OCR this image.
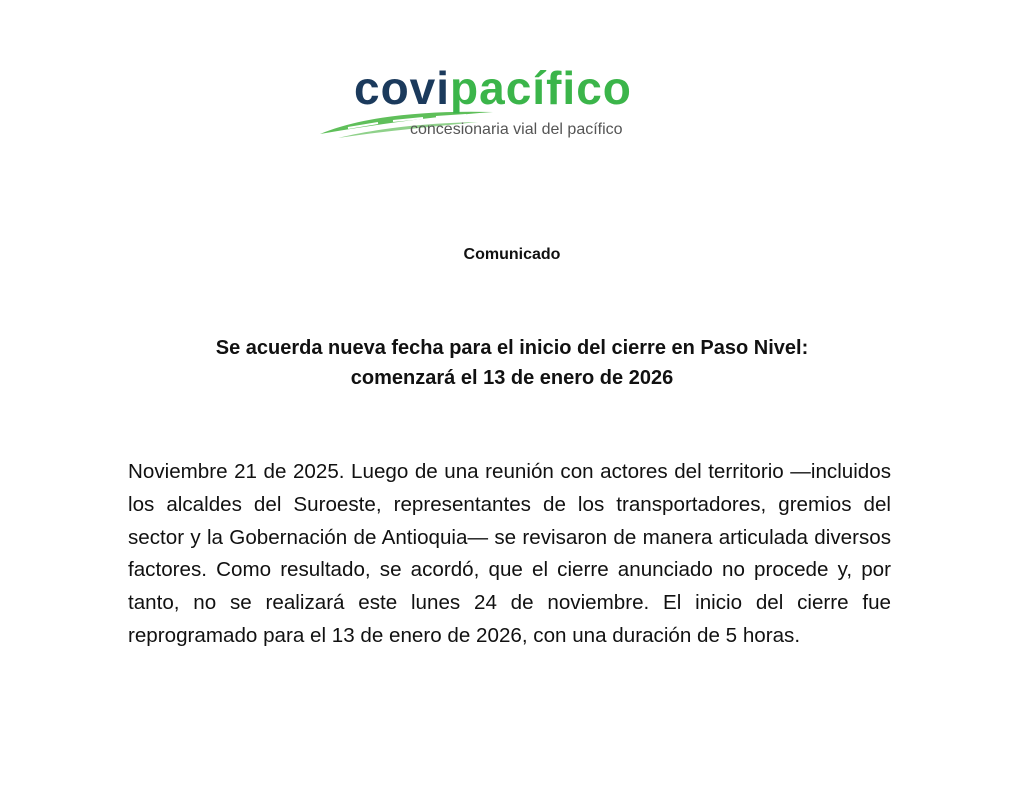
covipacífico
concesionaria vial del pacífico
Comunicado
Se acuerda nueva fecha para el inicio del cierre en Paso Nivel:
comenzará el 13 de enero de 2026

Noviembre 21 de 2025. Luego de una reunión con actores del territorio —incluidos los alcaldes del Suroeste, representantes de los transportadores, gremios del sector y la Gobernación de Antioquia— se revisaron de manera articulada diversos factores. Como resultado, se acordó, que el cierre anunciado no procede y, por tanto, no se realizará este lunes 24 de noviembre. El inicio del cierre fue reprogramado para el 13 de enero de 2026, con una duración de 5 horas.
